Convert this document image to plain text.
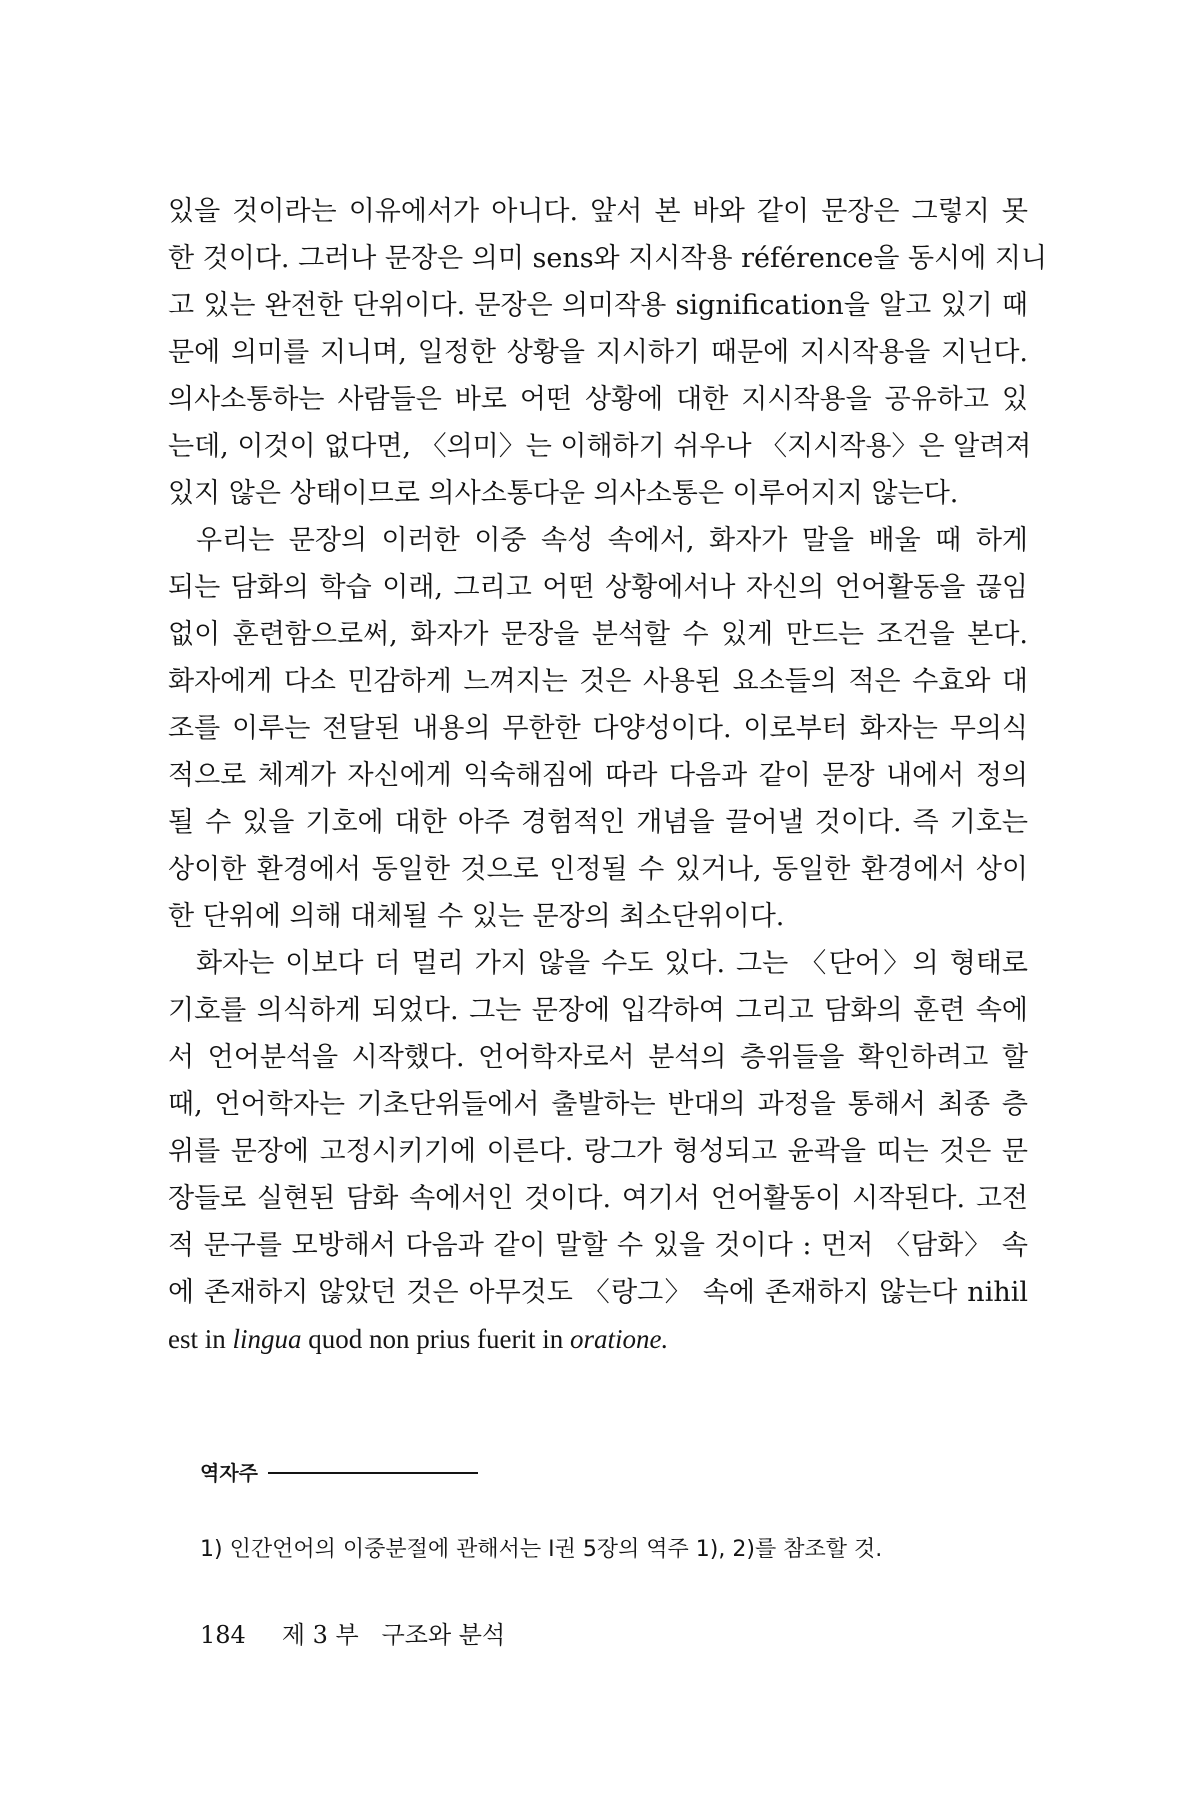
있을 것이라는 이유에서가 아니다. 앞서 본 바와 같이 문장은 그렇지 못
한 것이다. 그러나 문장은 의미 sens와 지시작용 référence을 동시에 지니
고 있는 완전한 단위이다. 문장은 의미작용 signification을 알고 있기 때
문에 의미를 지니며, 일정한 상황을 지시하기 때문에 지시작용을 지닌다.
의사소통하는 사람들은 바로 어떤 상황에 대한 지시작용을 공유하고 있
는데, 이것이 없다면, 〈의미〉는 이해하기 쉬우나 〈지시작용〉은 알려져
있지 않은 상태이므로 의사소통다운 의사소통은 이루어지지 않는다.
우리는 문장의 이러한 이중 속성 속에서, 화자가 말을 배울 때 하게
되는 담화의 학습 이래, 그리고 어떤 상황에서나 자신의 언어활동을 끊임
없이 훈련함으로써, 화자가 문장을 분석할 수 있게 만드는 조건을 본다.
화자에게 다소 민감하게 느껴지는 것은 사용된 요소들의 적은 수효와 대
조를 이루는 전달된 내용의 무한한 다양성이다. 이로부터 화자는 무의식
적으로 체계가 자신에게 익숙해짐에 따라 다음과 같이 문장 내에서 정의
될 수 있을 기호에 대한 아주 경험적인 개념을 끌어낼 것이다. 즉 기호는
상이한 환경에서 동일한 것으로 인정될 수 있거나, 동일한 환경에서 상이
한 단위에 의해 대체될 수 있는 문장의 최소단위이다.
화자는 이보다 더 멀리 가지 않을 수도 있다. 그는 〈단어〉의 형태로
기호를 의식하게 되었다. 그는 문장에 입각하여 그리고 담화의 훈련 속에
서 언어분석을 시작했다. 언어학자로서 분석의 층위들을 확인하려고 할
때, 언어학자는 기초단위들에서 출발하는 반대의 과정을 통해서 최종 층
위를 문장에 고정시키기에 이른다. 랑그가 형성되고 윤곽을 띠는 것은 문
장들로 실현된 담화 속에서인 것이다. 여기서 언어활동이 시작된다. 고전
적 문구를 모방해서 다음과 같이 말할 수 있을 것이다 : 먼저 〈담화〉 속
에 존재하지 않았던 것은 아무것도 〈랑그〉 속에 존재하지 않는다 nihil
est in lingua quod non prius fuerit in oratione.
역자주
1) 인간언어의 이중분절에 관해서는 I권 5장의 역주 1), 2)를 참조할 것.
184 제 3 부   구조와 분석
